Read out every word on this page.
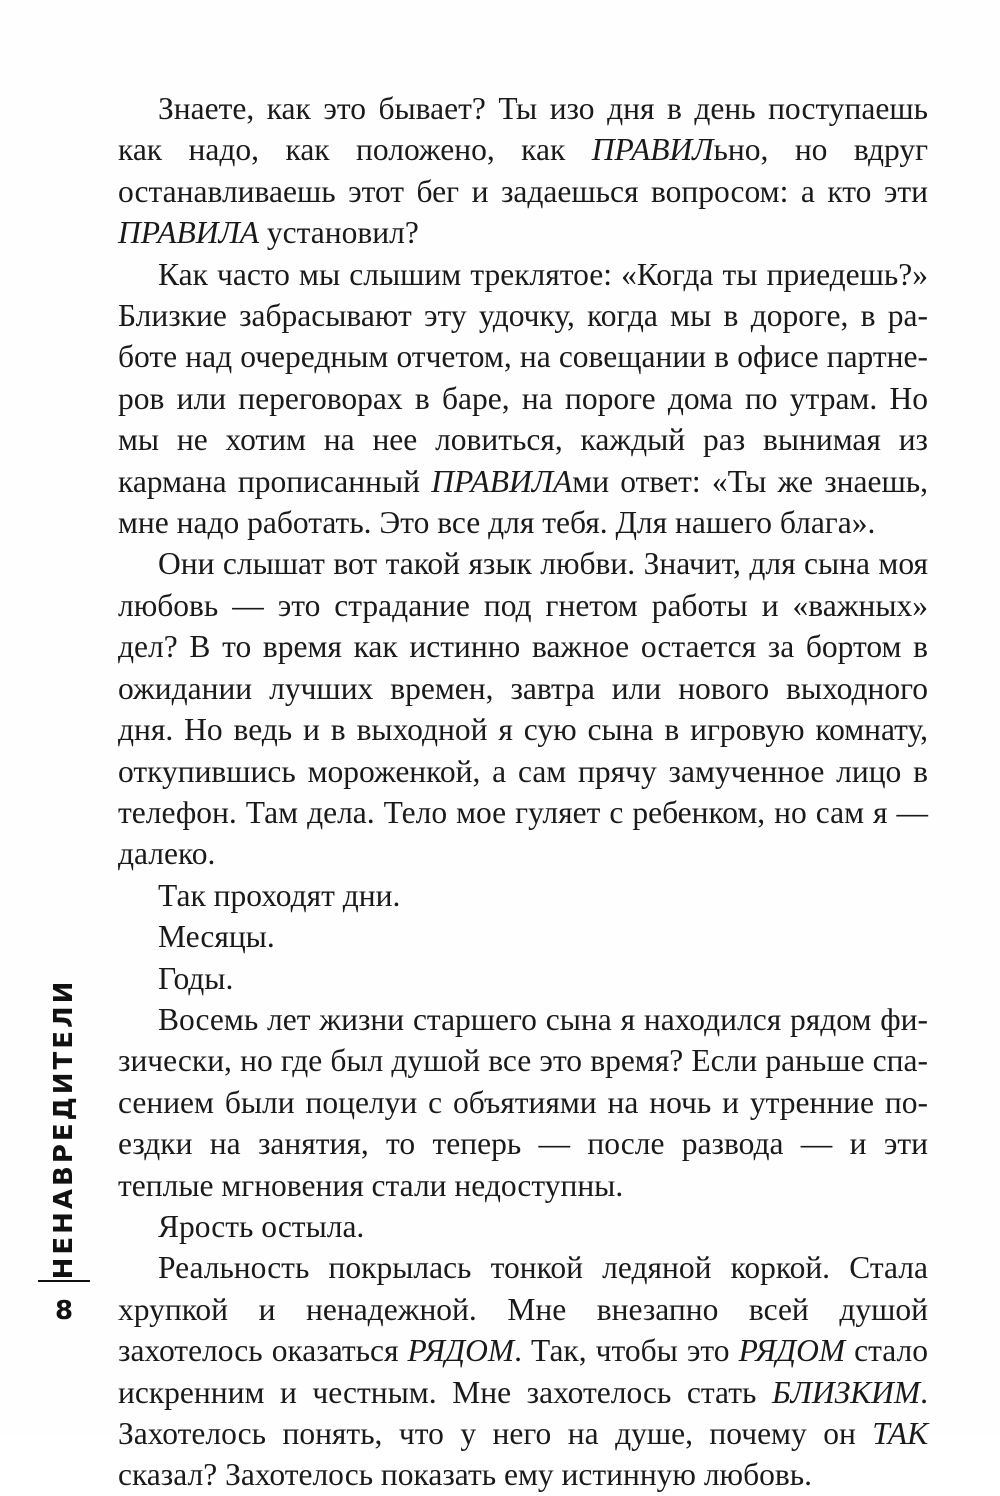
Знаете, как это бывает? Ты изо дня в день поступаешь как надо, как положено, как ПРАВИЛьно, но вдруг останавливаешь этот бег и задаешься вопросом: а кто эти ПРАВИЛА установил?

Как часто мы слышим треклятое: «Когда ты приедешь?» Близкие забрасывают эту удочку, когда мы в дороге, в работе над очередным отчетом, на совещании в офисе партнеров или переговорах в баре, на пороге дома по утрам. Но мы не хотим на нее ловиться, каждый раз вынимая из кармана прописанный ПРАВИЛАми ответ: «Ты же знаешь, мне надо работать. Это все для тебя. Для нашего блага».

Они слышат вот такой язык любви. Значит, для сына моя любовь — это страдание под гнетом работы и «важных» дел? В то время как истинно важное остается за бортом в ожидании лучших времен, завтра или нового выходного дня. Но ведь и в выходной я сую сына в игровую комнату, откупившись мороженкой, а сам прячу замученное лицо в телефон. Там дела. Тело мое гуляет с ребенком, но сам я — далеко.

Так проходят дни.

Месяцы.

Годы.

Восемь лет жизни старшего сына я находился рядом физически, но где был душой все это время? Если раньше спасением были поцелуи с объятиями на ночь и утренние поездки на занятия, то теперь — после развода — и эти теплые мгновения стали недоступны.

Ярость остыла.

Реальность покрылась тонкой ледяной коркой. Стала хрупкой и ненадежной. Мне внезапно всей душой захотелось оказаться РЯДОМ. Так, чтобы это РЯДОМ стало искренним и честным. Мне захотелось стать БЛИЗКИМ. Захотелось понять, что у него на душе, почему он ТАК сказал? Захотелось показать ему истинную любовь.

НЕНАВРЕДИТЕЛИ
8
